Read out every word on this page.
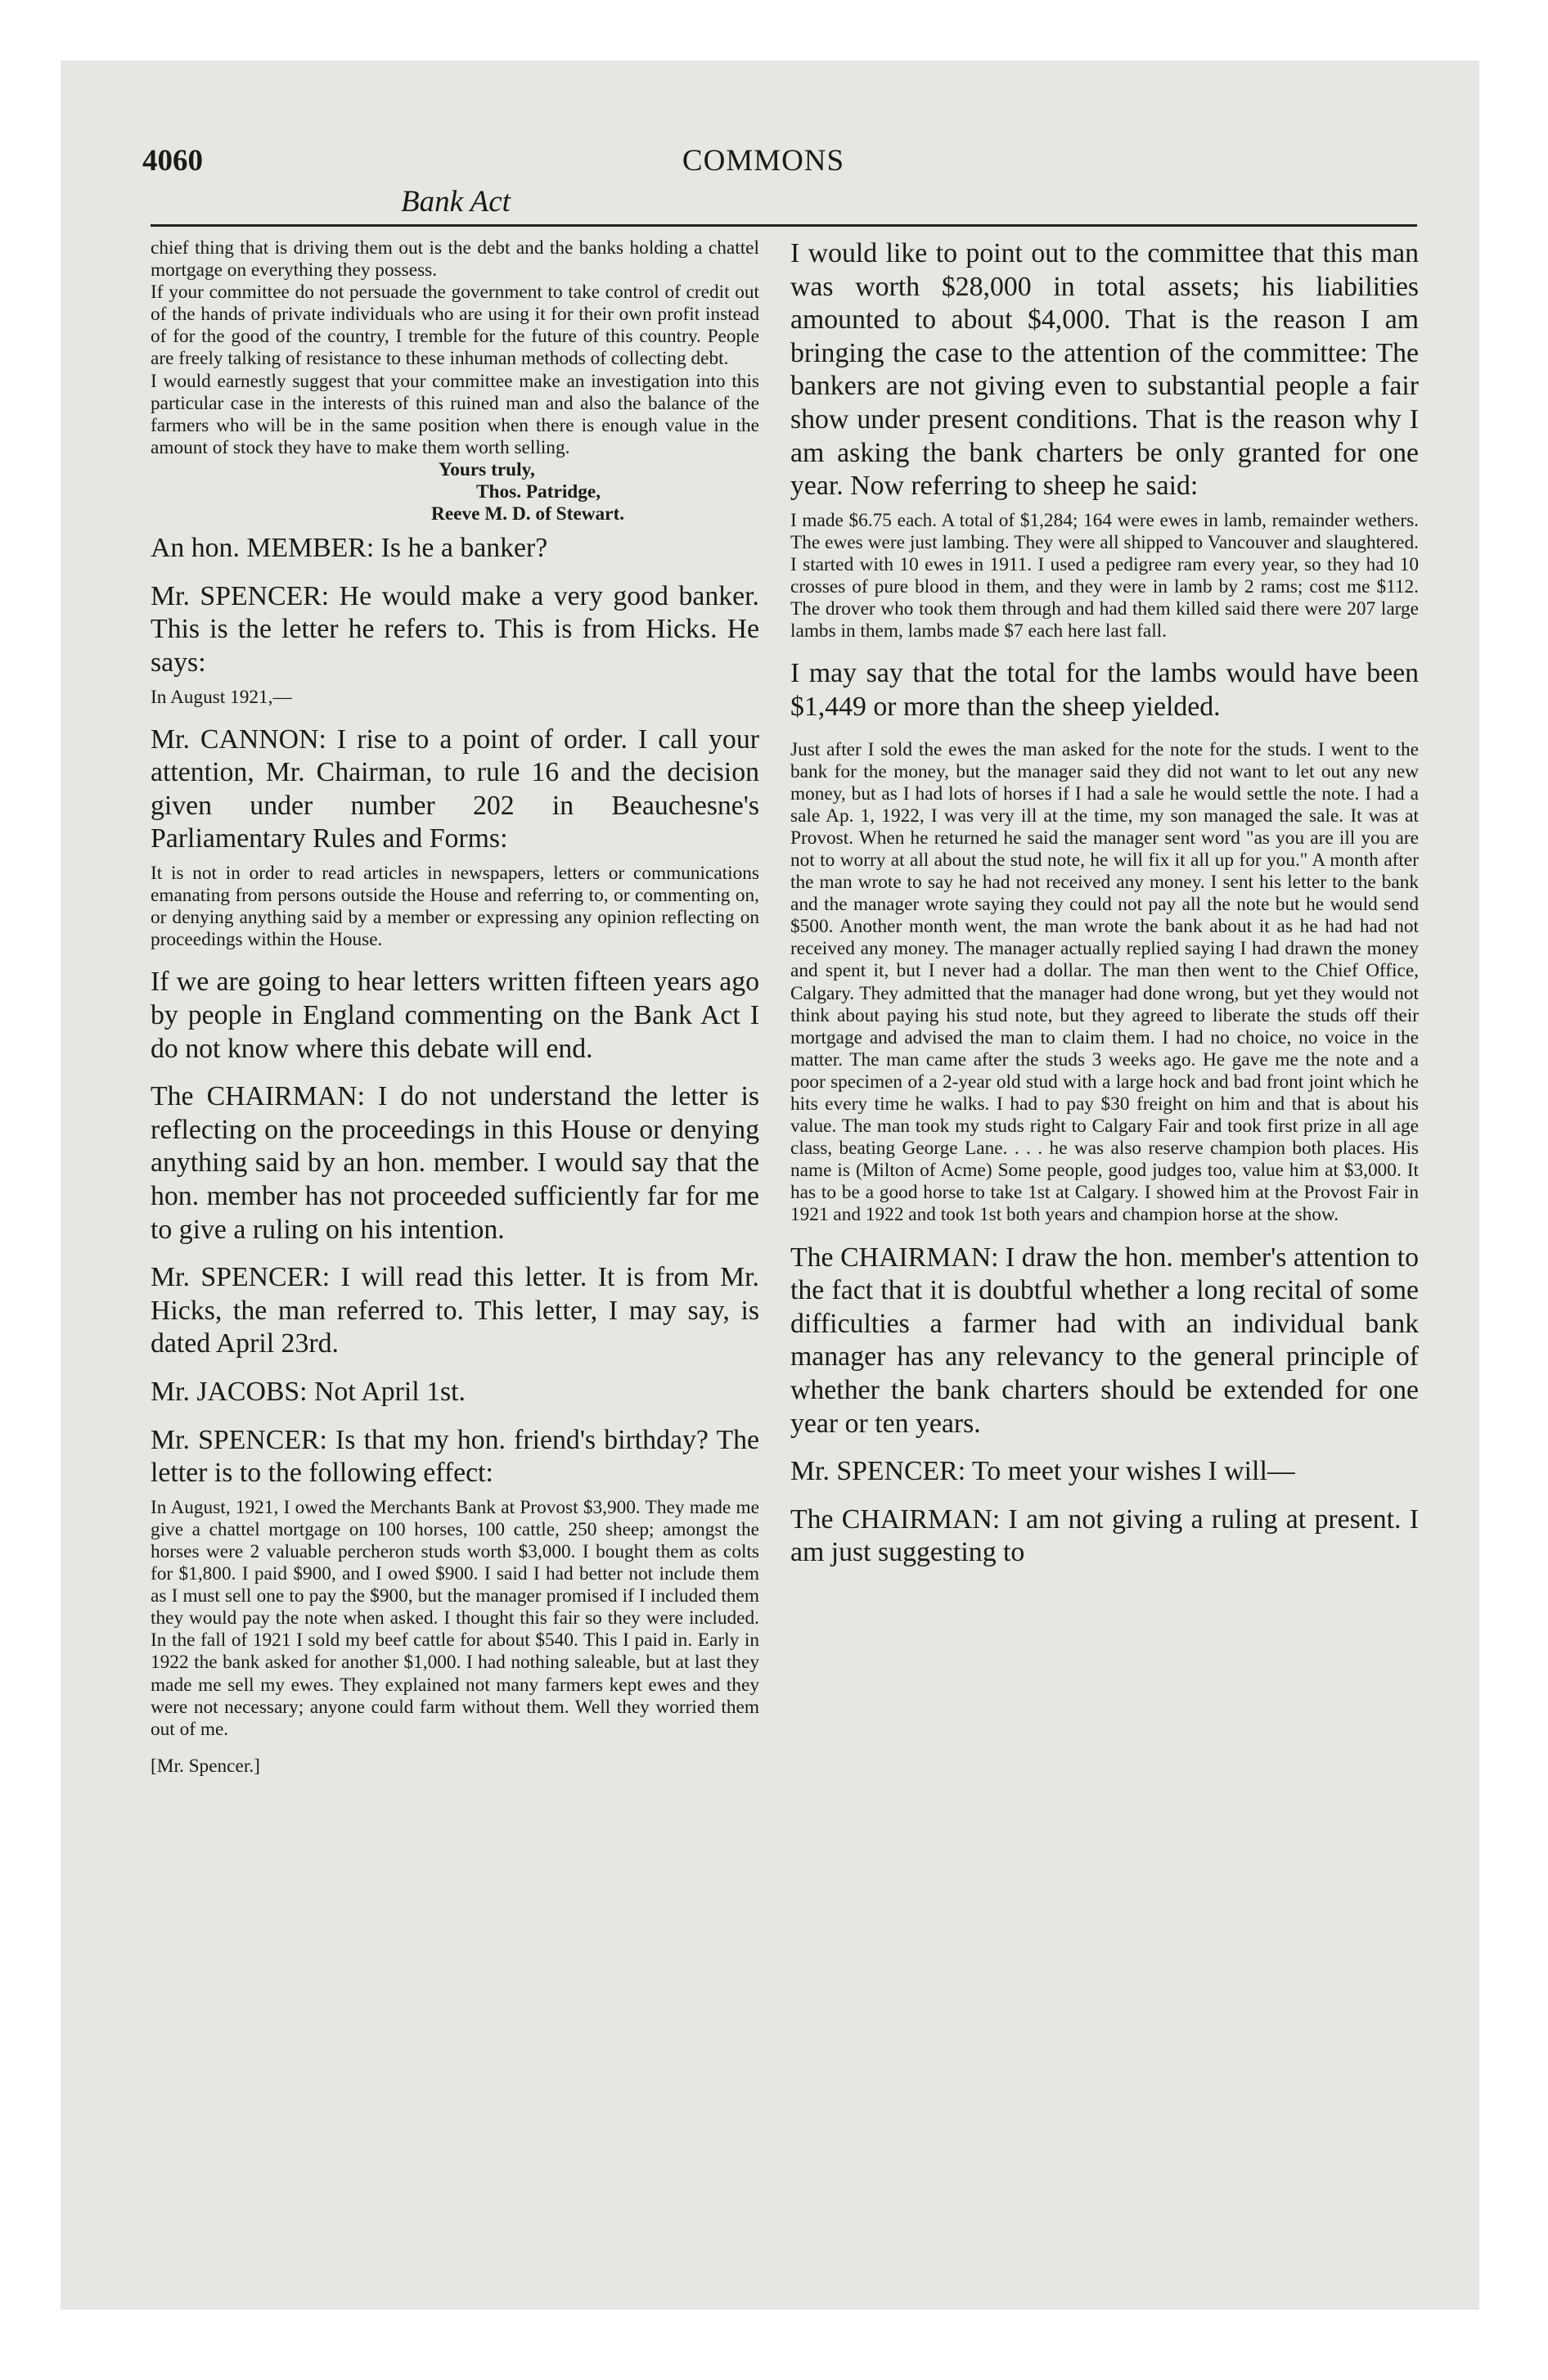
4060	COMMONS
Bank Act

chief thing that is driving them out is the debt and the banks holding a chattel mortgage on everything they possess.

If your committee do not persuade the government to take control of credit out of the hands of private individuals who are using it for their own profit instead of for the good of the country, I tremble for the future of this country. People are freely talking of resistance to these inhuman methods of collecting debt.

I would earnestly suggest that your committee make an investigation into this particular case in the interests of this ruined man and also the balance of the farmers who will be in the same position when there is enough value in the amount of stock they have to make them worth selling.

Yours truly,

Thos. Patridge,

Reeve M. D. of Stewart.

An hon. MEMBER: Is he a banker?

Mr. SPENCER: He would make a very good banker. This is the letter he refers to. This is from Hicks. He says:

In August 1921,—

Mr. CANNON: I rise to a point of order. I call your attention, Mr. Chairman, to rule 16 and the decision given under number 202 in Beauchesne's Parliamentary Rules and Forms:

It is not in order to read articles in newspapers, letters or communications emanating from persons outside the House and referring to, or commenting on, or denying anything said by a member or expressing any opinion reflecting on proceedings within the House.

If we are going to hear letters written fifteen years ago by people in England commenting on the Bank Act I do not know where this debate will end.

The CHAIRMAN: I do not understand the letter is reflecting on the proceedings in this House or denying anything said by an hon. member. I would say that the hon. member has not proceeded sufficiently far for me to give a ruling on his intention.

Mr. SPENCER: I will read this letter. It is from Mr. Hicks, the man referred to. This letter, I may say, is dated April 23rd.

Mr. JACOBS: Not April 1st.

Mr. SPENCER: Is that my hon. friend's birthday? The letter is to the following effect:

In August, 1921, I owed the Merchants Bank at Provost $3,900. They made me give a chattel mortgage on 100 horses, 100 cattle, 250 sheep; amongst the horses were 2 valuable percheron studs worth $3,000. I bought them as colts for $1,800. I paid $900, and I owed $900. I said I had better not include them as I must sell one to pay the $900, but the manager promised if I included them they would pay the note when asked. I thought this fair so they were included. In the fall of 1921 I sold my beef cattle for about $540. This I paid in. Early in 1922 the bank asked for another $1,000. I had nothing saleable, but at last they made me sell my ewes. They explained not many farmers kept ewes and they were not necessary; anyone could farm without them. Well they worried them out of me.

[Mr. Spencer.]

I would like to point out to the committee that this man was worth $28,000 in total assets; his liabilities amounted to about $4,000. That is the reason I am bringing the case to the attention of the committee: The bankers are not giving even to substantial people a fair show under present conditions. That is the reason why I am asking the bank charters be only granted for one year. Now referring to sheep he said:

I made $6.75 each. A total of $1,284; 164 were ewes in lamb, remainder wethers. The ewes were just lambing. They were all shipped to Vancouver and slaughtered. I started with 10 ewes in 1911. I used a pedigree ram every year, so they had 10 crosses of pure blood in them, and they were in lamb by 2 rams; cost me $112. The drover who took them through and had them killed said there were 207 large lambs in them, lambs made $7 each here last fall.

I may say that the total for the lambs would have been $1,449 or more than the sheep yielded.

Just after I sold the ewes the man asked for the note for the studs. I went to the bank for the money, but the manager said they did not want to let out any new money, but as I had lots of horses if I had a sale he would settle the note. I had a sale Ap. 1, 1922, I was very ill at the time, my son managed the sale. It was at Provost. When he returned he said the manager sent word "as you are ill you are not to worry at all about the stud note, he will fix it all up for you." A month after the man wrote to say he had not received any money. I sent his letter to the bank and the manager wrote saying they could not pay all the note but he would send $500. Another month went, the man wrote the bank about it as he had had not received any money. The manager actually replied saying I had drawn the money and spent it, but I never had a dollar. The man then went to the Chief Office, Calgary. They admitted that the manager had done wrong, but yet they would not think about paying his stud note, but they agreed to liberate the studs off their mortgage and advised the man to claim them. I had no choice, no voice in the matter. The man came after the studs 3 weeks ago. He gave me the note and a poor specimen of a 2-year old stud with a large hock and bad front joint which he hits every time he walks. I had to pay $30 freight on him and that is about his value. The man took my studs right to Calgary Fair and took first prize in all age class, beating George Lane. . . . he was also reserve champion both places. His name is (Milton of Acme) Some people, good judges too, value him at $3,000. It has to be a good horse to take 1st at Calgary. I showed him at the Provost Fair in 1921 and 1922 and took 1st both years and champion horse at the show.

The CHAIRMAN: I draw the hon. member's attention to the fact that it is doubtful whether a long recital of some difficulties a farmer had with an individual bank manager has any relevancy to the general principle of whether the bank charters should be extended for one year or ten years.

Mr. SPENCER: To meet your wishes I will—

The CHAIRMAN: I am not giving a ruling at present. I am just suggesting to
